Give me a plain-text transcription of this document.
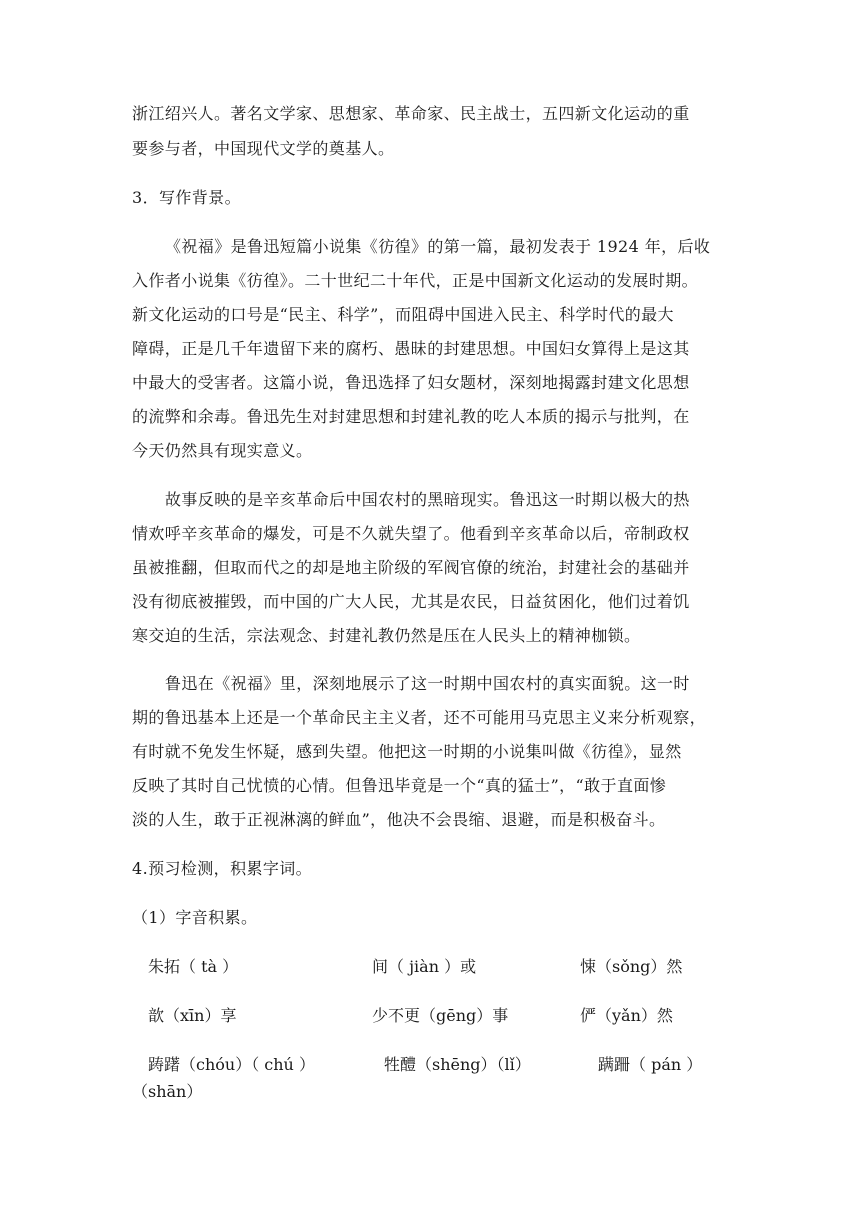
浙江绍兴人。著名文学家、思想家、革命家、民主战士，五四新文化运动的重
要参与者，中国现代文学的奠基人。
3．写作背景。
《祝福》是鲁迅短篇小说集《彷徨》的第一篇，最初发表于 1924 年，后收
入作者小说集《彷徨》。二十世纪二十年代，正是中国新文化运动的发展时期。
新文化运动的口号是“民主、科学”，而阻碍中国进入民主、科学时代的最大
障碍，正是几千年遗留下来的腐朽、愚昧的封建思想。中国妇女算得上是这其
中最大的受害者。这篇小说，鲁迅选择了妇女题材，深刻地揭露封建文化思想
的流弊和余毒。鲁迅先生对封建思想和封建礼教的吃人本质的揭示与批判，在
今天仍然具有现实意义。
故事反映的是辛亥革命后中国农村的黑暗现实。鲁迅这一时期以极大的热
情欢呼辛亥革命的爆发，可是不久就失望了。他看到辛亥革命以后，帝制政权
虽被推翻，但取而代之的却是地主阶级的军阀官僚的统治，封建社会的基础并
没有彻底被摧毁，而中国的广大人民，尤其是农民，日益贫困化，他们过着饥
寒交迫的生活，宗法观念、封建礼教仍然是压在人民头上的精神枷锁。
鲁迅在《祝福》里，深刻地展示了这一时期中国农村的真实面貌。这一时
期的鲁迅基本上还是一个革命民主主义者，还不可能用马克思主义来分析观察，
有时就不免发生怀疑，感到失望。他把这一时期的小说集叫做《彷徨》，显然
反映了其时自己忧愤的心情。但鲁迅毕竟是一个“真的猛士”，“敢于直面惨
淡的人生，敢于正视淋漓的鲜血”，他决不会畏缩、退避，而是积极奋斗。
4.预习检测，积累字词。
（1）字音积累。
朱拓（ tà ）	间（ jiàn ）或	悚（sǒng）然
歆（xīn）享	少不更（gēng）事	俨（yǎn）然
踌躇（chóu）（ chú ）	牲醴（shēng）（lǐ）	蹒跚（ pán ）
（shān）
